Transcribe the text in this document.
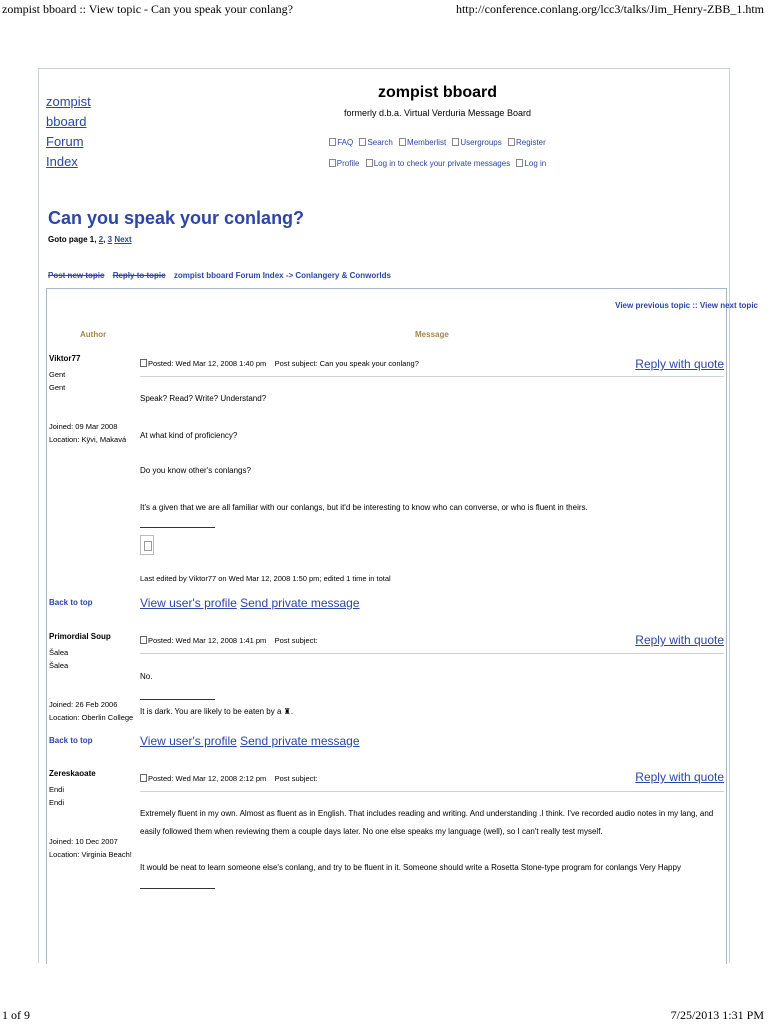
zompist bboard :: View topic - Can you speak your conlang?	http://conference.conlang.org/lcc3/talks/Jim_Henry-ZBB_1.htm
zompist
bboard
Forum
Index
zompist bboard
formerly d.b.a. Virtual Verduria Message Board
FAQ Search Memberlist Usergroups Register
Profile Log in to check your private messages Log in
Can you speak your conlang?
Goto page 1, 2, 3 Next
Post new topic Reply to topic zompist bboard Forum Index -> Conlangery & Conworlds
View previous topic :: View next topic
Author	Message
Viktor77
Gent
Gent
Joined: 09 Mar 2008
Location: Kÿvi, Makavá
Posted: Wed Mar 12, 2008 1:40 pm Post subject: Can you speak your conlang?	Reply with quote
Speak? Read? Write? Understand?
At what kind of proficiency?
Do you know other's conlangs?
It's a given that we are all familiar with our conlangs, but it'd be interesting to know who can converse, or who is fluent in theirs.
Last edited by Viktor77 on Wed Mar 12, 2008 1:50 pm; edited 1 time in total
Back to top	View user's profile Send private message
Primordial Soup
Šalea
Šalea
Joined: 26 Feb 2006
Location: Oberlin College
Posted: Wed Mar 12, 2008 1:41 pm Post subject:	Reply with quote
No.
It is dark. You are likely to be eaten by a ♜.
Back to top	View user's profile Send private message
Zereskaoate
Endi
Endi
Joined: 10 Dec 2007
Location: Virginia Beach!
Posted: Wed Mar 12, 2008 2:12 pm Post subject:	Reply with quote
Extremely fluent in my own. Almost as fluent as in English. That includes reading and writing. And understanding .I think. I've recorded audio notes in my lang, and easily followed them when reviewing them a couple days later. No one else speaks my language (well), so I can't really test myself.
It would be neat to learn someone else's conlang, and try to be fluent in it. Someone should write a Rosetta Stone-type program for conlangs Very Happy
1 of 9	7/25/2013 1:31 PM
